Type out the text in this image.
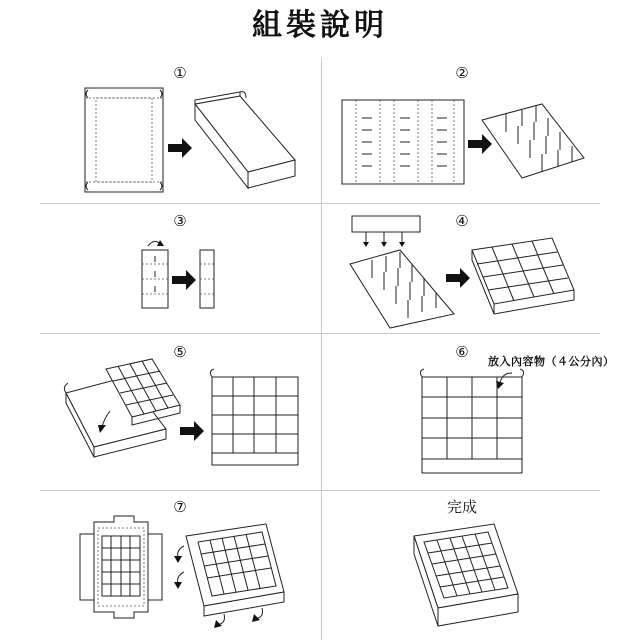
組裝說明
①	②
③	④
⑤	⑥
放入內容物（４公分內）
⑦	完成
